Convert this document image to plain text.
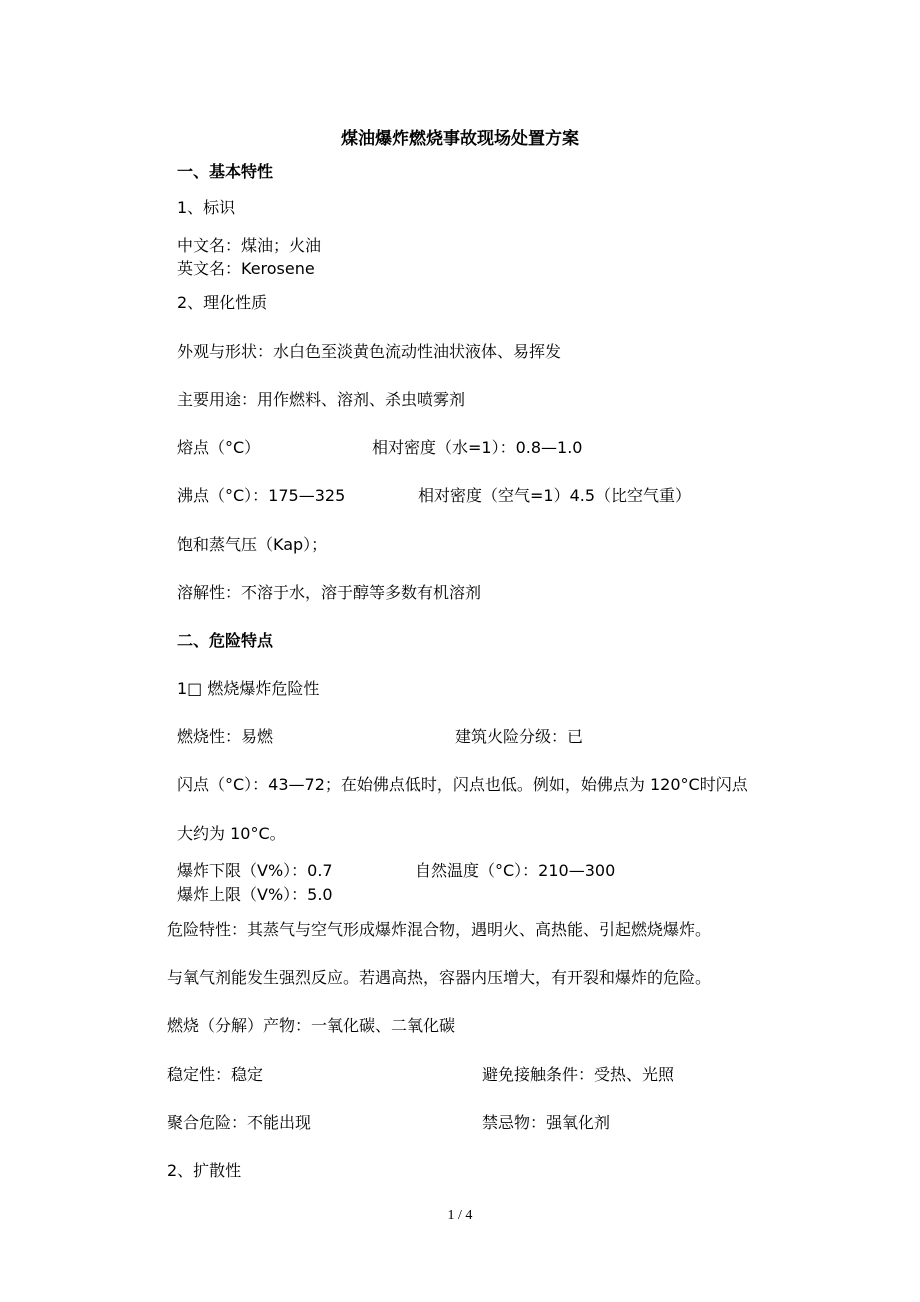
煤油爆炸燃烧事故现场处置方案
一、基本特性
1、标识
中文名：煤油；火油
英文名：Kerosene
2、理化性质
外观与形状：水白色至淡黄色流动性油状液体、易挥发
主要用途：用作燃料、溶剂、杀虫喷雾剂
熔点（°C）	相对密度（水=1）：0.8—1.0
沸点（°C）：175—325	相对密度（空气=1）4.5（比空气重）
饱和蒸气压（Kap）；
溶解性：不溶于水，溶于醇等多数有机溶剂
二、危险特点
1□ 燃烧爆炸危险性
燃烧性：易燃	建筑火险分级：已
闪点（°C）：43—72；在始佛点低时，闪点也低。例如，始佛点为 120°C时闪点
大约为 10°C。
爆炸下限（V%）：0.7	自然温度（°C）：210—300
爆炸上限（V%）：5.0
危险特性：其蒸气与空气形成爆炸混合物，遇明火、高热能、引起燃烧爆炸。
与氧气剂能发生强烈反应。若遇高热，容器内压增大，有开裂和爆炸的危险。
燃烧（分解）产物：一氧化碳、二氧化碳
稳定性：稳定	避免接触条件：受热、光照
聚合危险：不能出现	禁忌物：强氧化剂
2、扩散性
1 / 4
